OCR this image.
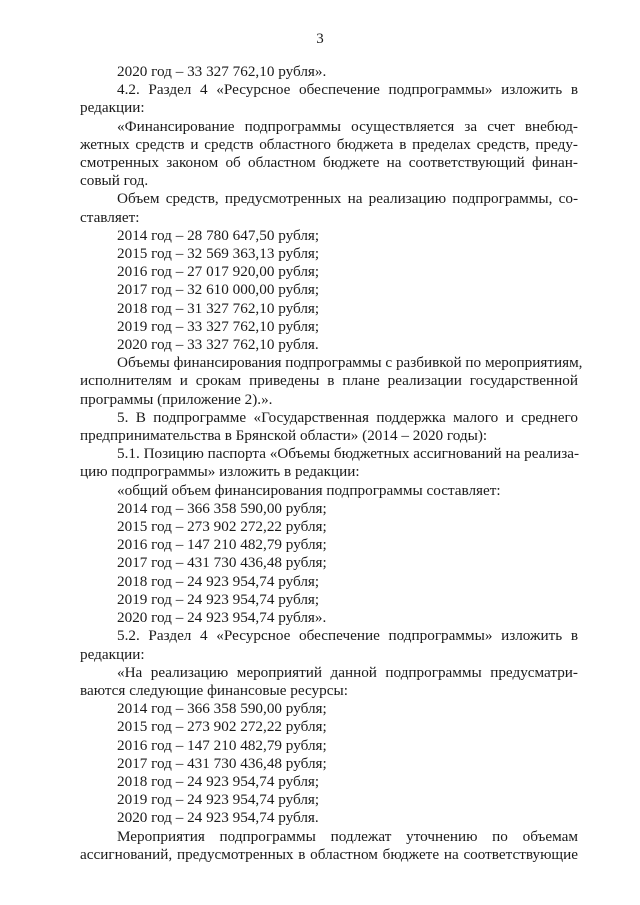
3
2020 год – 33 327 762,10 рубля».
4.2. Раздел 4 «Ресурсное обеспечение подпрограммы» изложить в
редакции:
«Финансирование подпрограммы осуществляется за счет внебюд-
жетных средств и средств областного бюджета в пределах средств, преду-
смотренных законом об областном бюджете на соответствующий финан-
совый год.
Объем средств, предусмотренных на реализацию подпрограммы, со-
ставляет:
2014 год – 28 780 647,50 рубля;
2015 год – 32 569 363,13 рубля;
2016 год – 27 017 920,00 рубля;
2017 год – 32 610 000,00 рубля;
2018 год – 31 327 762,10 рубля;
2019 год – 33 327 762,10 рубля;
2020 год – 33 327 762,10 рубля.
Объемы финансирования подпрограммы с разбивкой по мероприятиям,
исполнителям и срокам приведены в плане реализации государственной
программы (приложение 2).».
5. В подпрограмме «Государственная поддержка малого и среднего
предпринимательства в Брянской области» (2014 – 2020 годы):
5.1. Позицию паспорта «Объемы бюджетных ассигнований на реализа-
цию подпрограммы» изложить в редакции:
«общий объем финансирования подпрограммы составляет:
2014 год – 366 358 590,00 рубля;
2015 год – 273 902 272,22 рубля;
2016 год – 147 210 482,79 рубля;
2017 год – 431 730 436,48 рубля;
2018 год – 24 923 954,74 рубля;
2019 год – 24 923 954,74 рубля;
2020 год – 24 923 954,74 рубля».
5.2. Раздел 4 «Ресурсное обеспечение подпрограммы» изложить в
редакции:
«На реализацию мероприятий данной подпрограммы предусматри-
ваются следующие финансовые ресурсы:
2014 год – 366 358 590,00 рубля;
2015 год – 273 902 272,22 рубля;
2016 год – 147 210 482,79 рубля;
2017 год – 431 730 436,48 рубля;
2018 год – 24 923 954,74 рубля;
2019 год – 24 923 954,74 рубля;
2020 год – 24 923 954,74 рубля.
Мероприятия подпрограммы подлежат уточнению по объемам
ассигнований, предусмотренных в областном бюджете на соответствующие
